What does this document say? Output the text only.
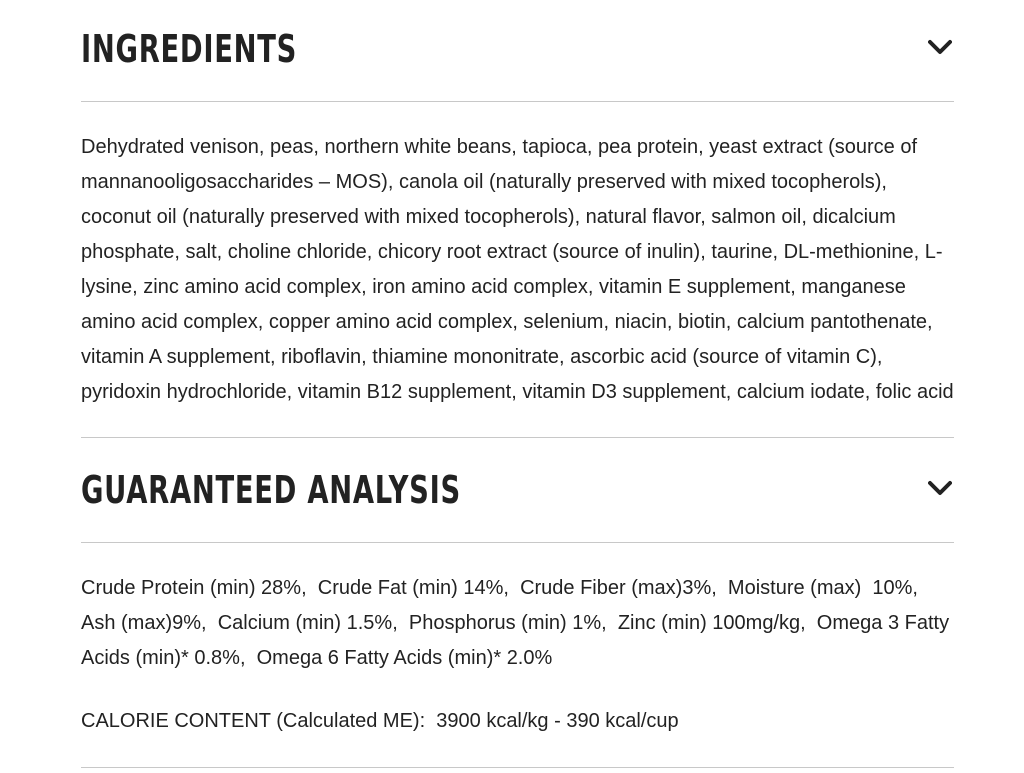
INGREDIENTS

Dehydrated venison, peas, northern white beans, tapioca, pea protein, yeast extract (source of mannanooligosaccharides – MOS), canola oil (naturally preserved with mixed tocopherols), coconut oil (naturally preserved with mixed tocopherols), natural flavor, salmon oil, dicalcium phosphate, salt, choline chloride, chicory root extract (source of inulin), taurine, DL-methionine, L-lysine, zinc amino acid complex, iron amino acid complex, vitamin E supplement, manganese amino acid complex, copper amino acid complex, selenium, niacin, biotin, calcium pantothenate, vitamin A supplement, riboflavin, thiamine mononitrate, ascorbic acid (source of vitamin C), pyridoxin hydrochloride, vitamin B12 supplement, vitamin D3 supplement, calcium iodate, folic acid

GUARANTEED ANALYSIS

Crude Protein (min) 28%,  Crude Fat (min) 14%,  Crude Fiber (max)3%,  Moisture (max)  10%,  Ash (max)9%,  Calcium (min) 1.5%,  Phosphorus (min) 1%,  Zinc (min) 100mg/kg,  Omega 3 Fatty Acids (min)* 0.8%,  Omega 6 Fatty Acids (min)* 2.0%

CALORIE CONTENT (Calculated ME):  3900 kcal/kg - 390 kcal/cup
